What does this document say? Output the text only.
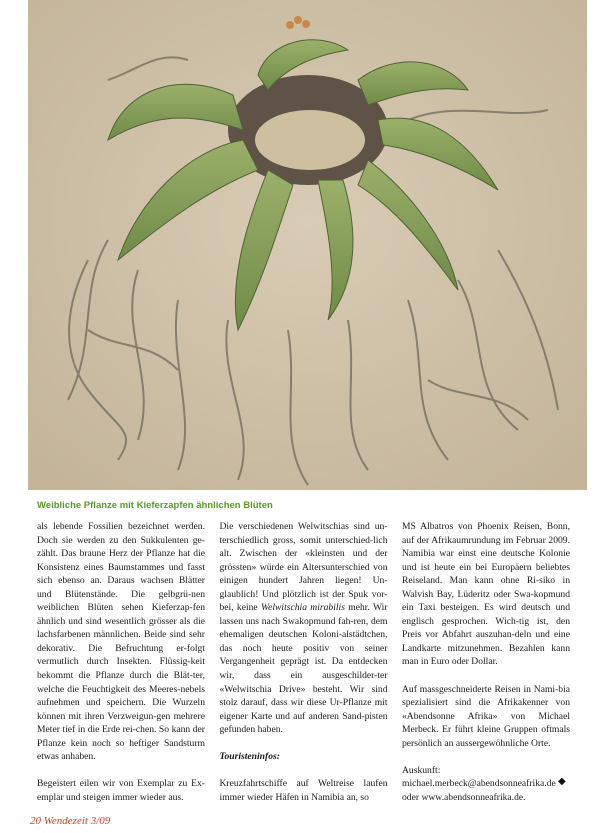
Weibliche Pflanze mit Kieferzapfen ähnlichen Blüten

als lebende Fossilien bezeichnet werden. Doch sie werden zu den Sukkulenten ge-zählt. Das braune Herz der Pflanze hat die Konsistenz eines Baumstammes und fasst sich ebenso an. Daraus wachsen Blätter und Blütenstände. Die gelbgrü-nen weiblichen Blüten sehen Kieferzap-fen ähnlich und sind wesentlich grösser als die lachsfarbenen männlichen. Beide sind sehr dekorativ. Die Befruchtung er-folgt vermutlich durch Insekten. Flüssig-keit bekommt die Pflanze durch die Blät-ter, welche die Feuchtigkeit des Meeres-nebels aufnehmen und speichern. Die Wurzeln können mit ihren Verzweigun-gen mehrere Meter tief in die Erde rei-chen. So kann der Pflanze kein noch so heftiger Sandsturm etwas anhaben.

Begeistert eilen wir von Exemplar zu Ex-emplar und steigen immer wieder aus.

Die verschiedenen Welwitschias sind un-terschiedlich gross, somit unterschied-lich alt. Zwischen der «kleinsten und der grössten» würde ein Altersunterschied von einigen hundert Jahren liegen! Un-glaublich! Und plötzlich ist der Spuk vor-bei, keine Welwitschia mirabilis mehr. Wir lassen uns nach Swakopmund fah-ren, dem ehemaligen deutschen Koloni-alstädtchen, das noch heute positiv von seiner Vergangenheit geprägt ist. Da entdecken wir, dass ein ausgeschilder-ter «Welwitschia Drive» besteht. Wir sind stolz darauf, dass wir diese Ur-Pflanze mit eigener Karte und auf anderen Sand-pisten gefunden haben.

Touristeninfos:

Kreuzfahrtschiffe auf Weltreise laufen immer wieder Häfen in Namibia an, so

MS Albatros von Phoenix Reisen, Bonn, auf der Afrikaumrundung im Februar 2009. Namibia war einst eine deutsche Kolonie und ist heute ein bei Europäern beliebtes Reiseland. Man kann ohne Ri-siko in Walvish Bay, Lüderitz oder Swa-kopmund ein Taxi besteigen. Es wird deutsch und englisch gesprochen. Wich-tig ist, den Preis vor Abfahrt auszuhan-deln und eine Landkarte mitzunehmen. Bezahlen kann man in Euro oder Dollar.

Auf massgeschneiderte Reisen in Nami-bia spezialisiert sind die Afrikakenner von «Abendsonne Afrika» von Michael Merbeck. Er führt kleine Gruppen oftmals persönlich an aussergewöhnliche Orte.

Auskunft:
michael.merbeck@abendsonneafrika.de
oder www.abendsonneafrika.de.
◆
20 Wendezeit 3/09
